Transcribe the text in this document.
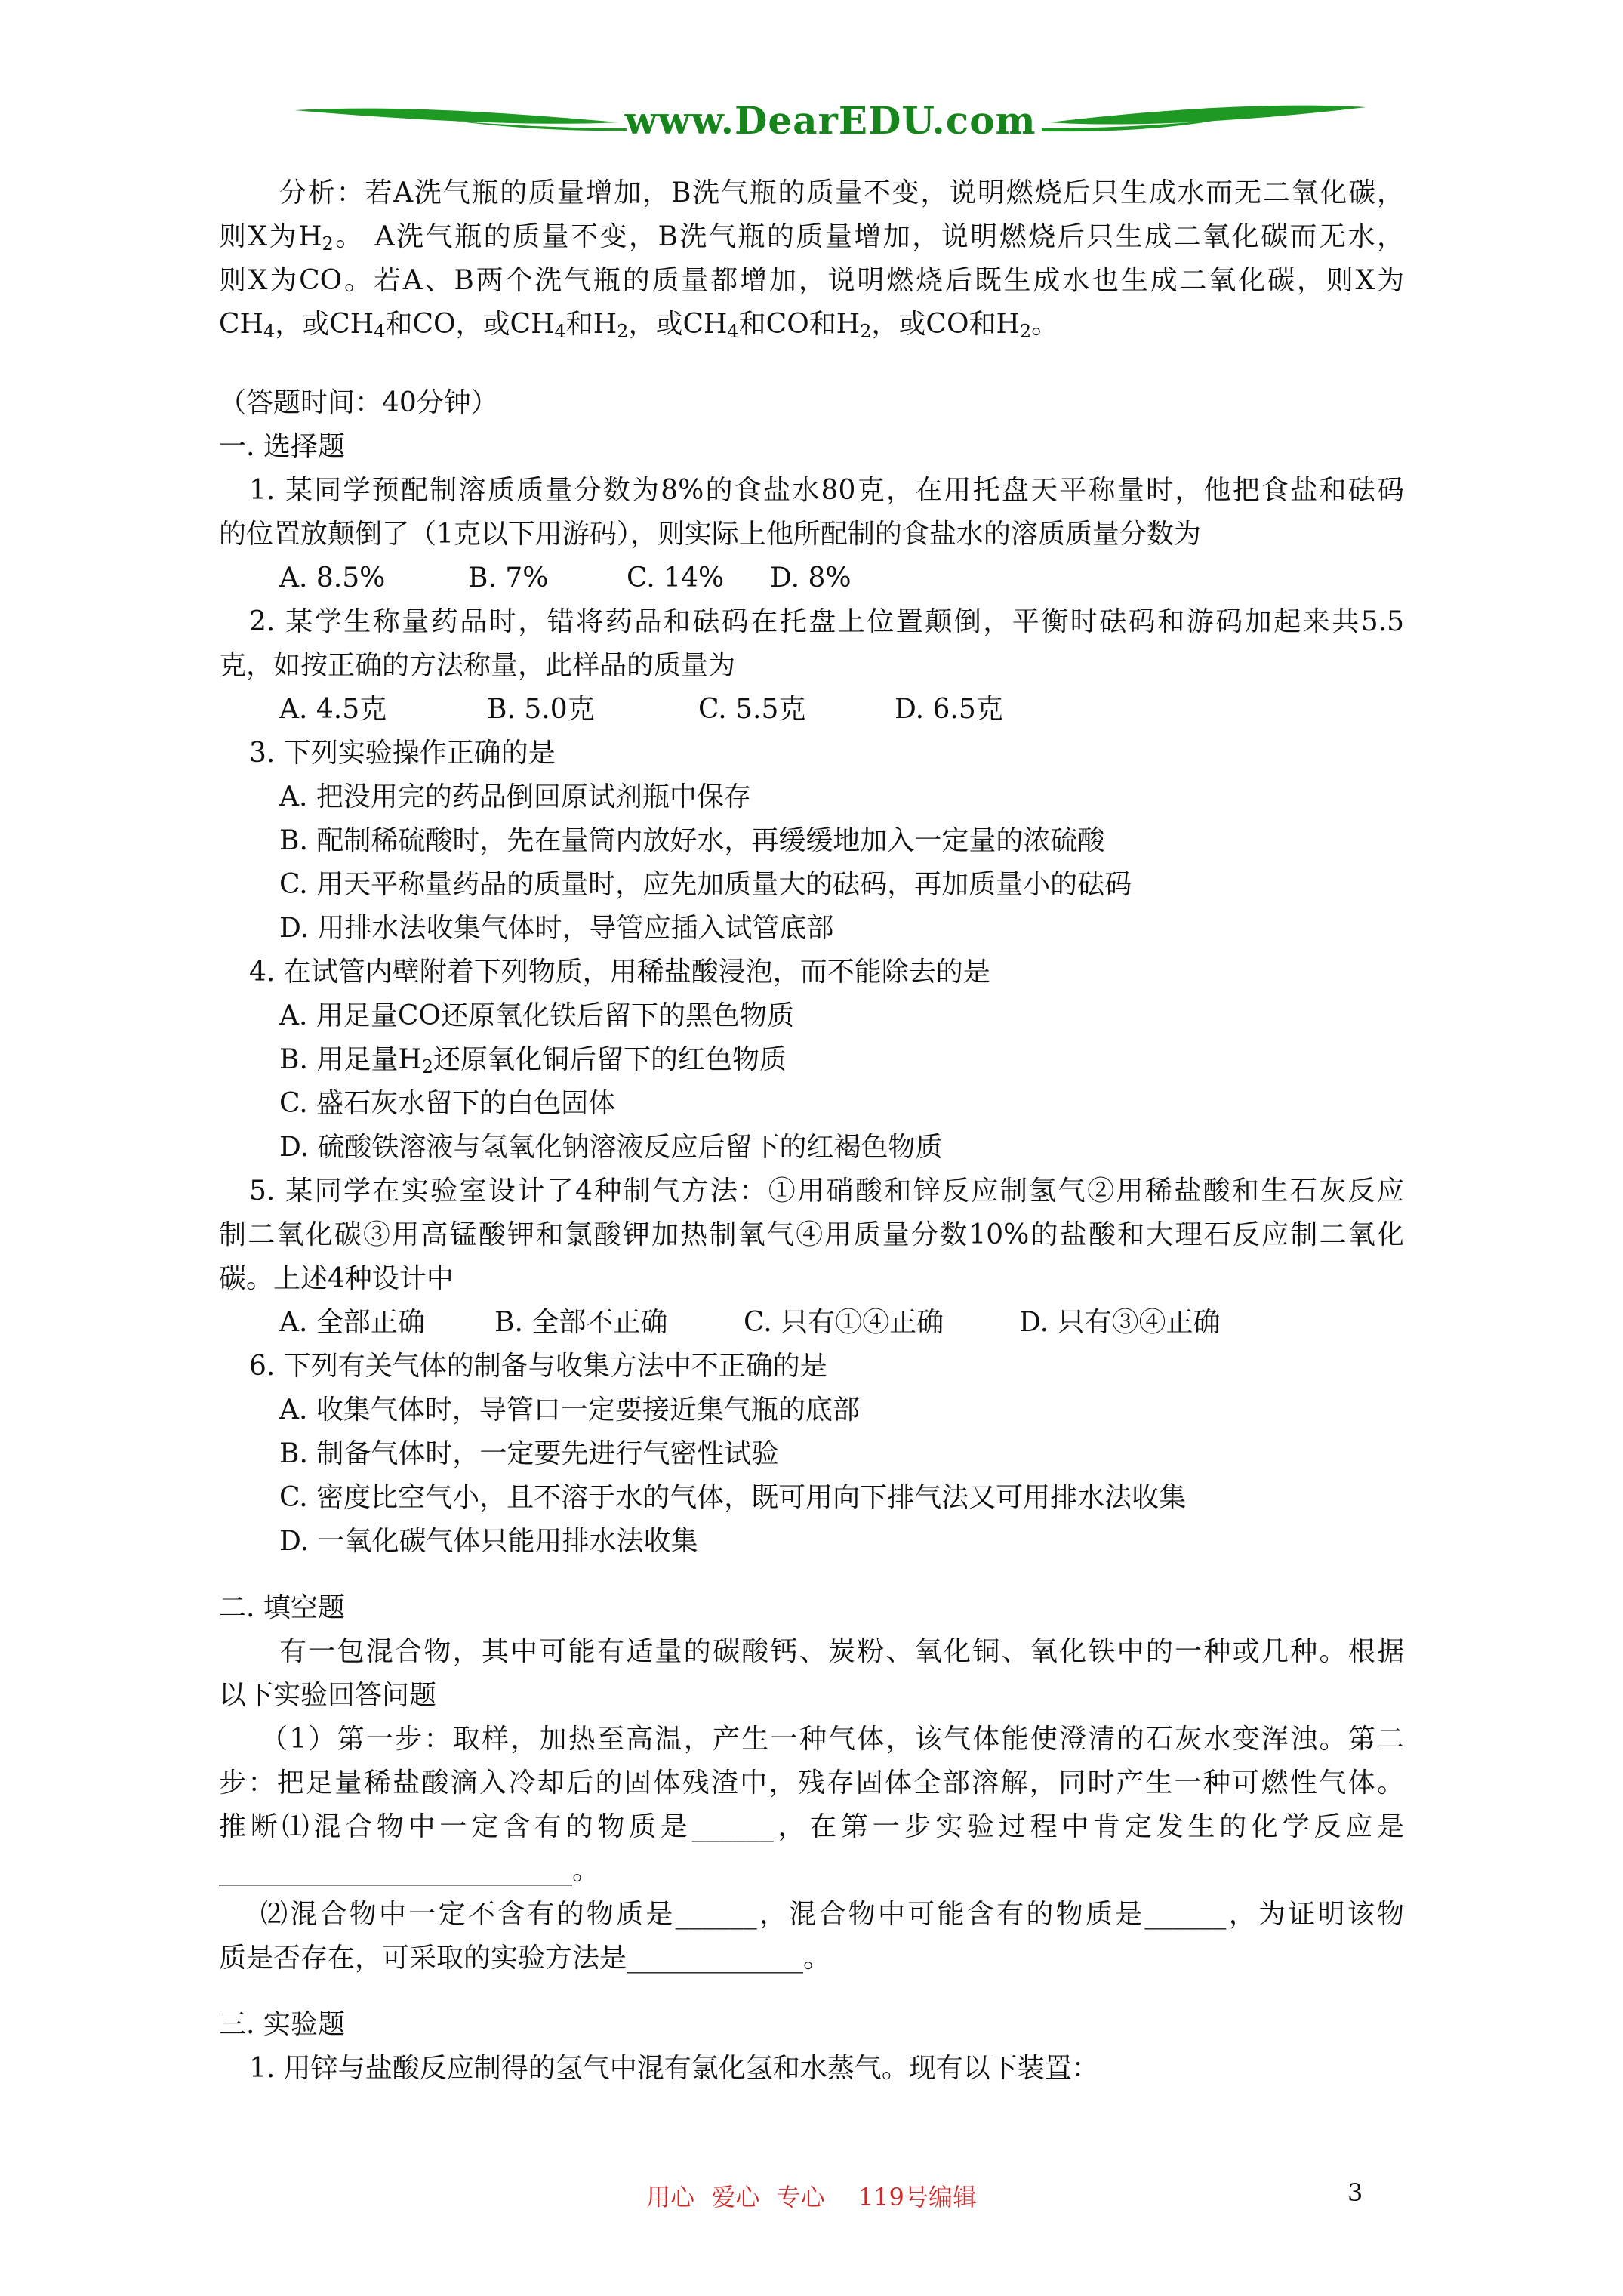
www.DearEDU.com
分析：若A洗气瓶的质量增加，B洗气瓶的质量不变，说明燃烧后只生成水而无二氧化碳，
则X为$H_2$。 A洗气瓶的质量不变，B洗气瓶的质量增加，说明燃烧后只生成二氧化碳而无水，
则X为CO。若A、B两个洗气瓶的质量都增加，说明燃烧后既生成水也生成二氧化碳，则X为
$CH_4$，或$CH_4$和CO，或$CH_4$和$H_2$，或$CH_4$和CO和$H_2$，或CO和$H_2$。
（答题时间：40分钟）
一. 选择题
1. 某同学预配制溶质质量分数为8%的食盐水80克，在用托盘天平称量时，他把食盐和砝码
的位置放颠倒了（1克以下用游码），则实际上他所配制的食盐水的溶质质量分数为
A. 8.5%	B. 7%	C. 14% D. 8%
2. 某学生称量药品时，错将药品和砝码在托盘上位置颠倒，平衡时砝码和游码加起来共5.5
克，如按正确的方法称量，此样品的质量为
A. 4.5克	B. 5.0克	C. 5.5克	D. 6.5克
3. 下列实验操作正确的是
A. 把没用完的药品倒回原试剂瓶中保存
B. 配制稀硫酸时，先在量筒内放好水，再缓缓地加入一定量的浓硫酸
C. 用天平称量药品的质量时，应先加质量大的砝码，再加质量小的砝码
D. 用排水法收集气体时，导管应插入试管底部
4. 在试管内壁附着下列物质，用稀盐酸浸泡，而不能除去的是
A. 用足量CO还原氧化铁后留下的黑色物质
B. 用足量$H_2$还原氧化铜后留下的红色物质
C. 盛石灰水留下的白色固体
D. 硫酸铁溶液与氢氧化钠溶液反应后留下的红褐色物质
5. 某同学在实验室设计了4种制气方法：①用硝酸和锌反应制氢气②用稀盐酸和生石灰反应
制二氧化碳③用高锰酸钾和氯酸钾加热制氧气④用质量分数10%的盐酸和大理石反应制二氧化
碳。上述4种设计中
A. 全部正确	B. 全部不正确	C. 只有①④正确	D. 只有③④正确
6. 下列有关气体的制备与收集方法中不正确的是
A. 收集气体时，导管口一定要接近集气瓶的底部
B. 制备气体时，一定要先进行气密性试验
C. 密度比空气小，且不溶于水的气体，既可用向下排气法又可用排水法收集
D. 一氧化碳气体只能用排水法收集
二. 填空题
有一包混合物，其中可能有适量的碳酸钙、炭粉、氧化铜、氧化铁中的一种或几种。根据
以下实验回答问题
（1）第一步：取样，加热至高温，产生一种气体，该气体能使澄清的石灰水变浑浊。第二
步：把足量稀盐酸滴入冷却后的固体残渣中，残存固体全部溶解，同时产生一种可燃性气体。
推断⑴混合物中一定含有的物质是______，在第一步实验过程中肯定发生的化学反应是
__________________________。
⑵混合物中一定不含有的物质是______，混合物中可能含有的物质是______，为证明该物
质是否存在，可采取的实验方法是_____________。
三. 实验题
1. 用锌与盐酸反应制得的氢气中混有氯化氢和水蒸气。现有以下装置：
用心 爱心 专心 119号编辑	3
